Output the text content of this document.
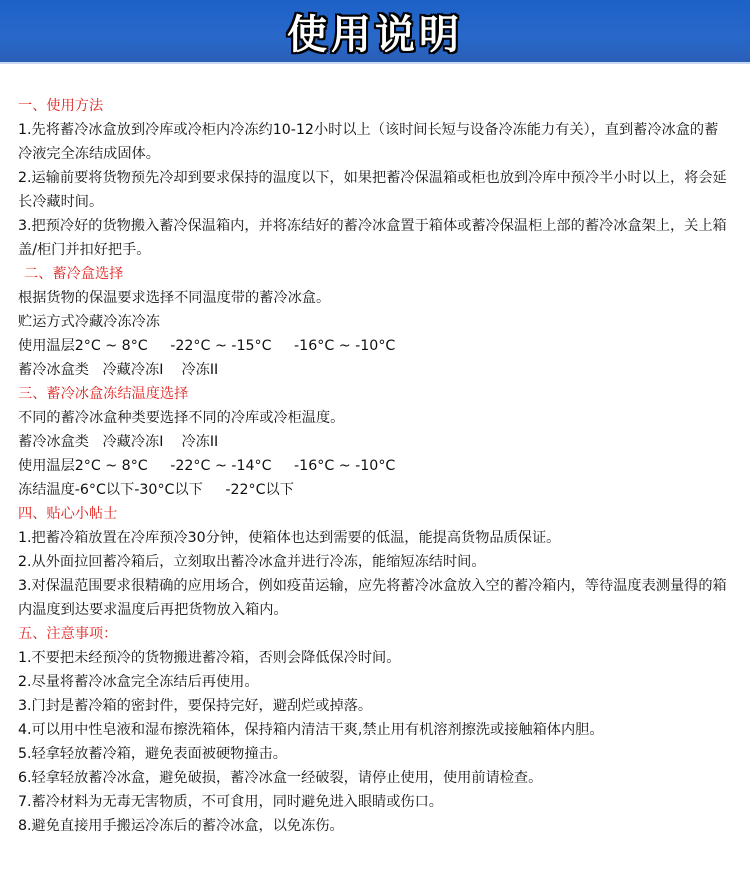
使用说明
一、使用方法
1.先将蓄冷冰盒放到冷库或冷柜内冷冻约10-12小时以上（该时间长短与设备冷冻能力有关），直到蓄冷冰盒的蓄冷液完全冻结成固体。
2.运输前要将货物预先冷却到要求保持的温度以下，如果把蓄冷保温箱或柜也放到冷库中预冷半小时以上，将会延长冷藏时间。
3.把预冷好的货物搬入蓄冷保温箱内，并将冻结好的蓄冷冰盒置于箱体或蓄冷保温柜上部的蓄冷冰盒架上，关上箱盖/柜门并扣好把手。
二、蓄冷盒选择
根据货物的保温要求选择不同温度带的蓄冷冰盒。
贮运方式冷藏冷冻冷冻
使用温层2°C ~ 8°C     -22°C ~ -15°C     -16°C ~ -10°C
蓄冷冰盒类   冷藏冷冻I    冷冻II
三、蓄冷冰盒冻结温度选择
不同的蓄冷冰盒种类要选择不同的冷库或冷柜温度。
蓄冷冰盒类   冷藏冷冻I    冷冻II
使用温层2°C ~ 8°C     -22°C ~ -14°C     -16°C ~ -10°C
冻结温度-6°C以下-30°C以下     -22°C以下
四、贴心小帖士
1.把蓄冷箱放置在冷库预冷30分钟，使箱体也达到需要的低温，能提高货物品质保证。
2.从外面拉回蓄冷箱后，立刻取出蓄冷冰盒并进行冷冻，能缩短冻结时间。
3.对保温范围要求很精确的应用场合，例如疫苗运输，应先将蓄冷冰盒放入空的蓄冷箱内，等待温度表测量得的箱内温度到达要求温度后再把货物放入箱内。
五、注意事项：
1.不要把未经预冷的货物搬进蓄冷箱，否则会降低保冷时间。
2.尽量将蓄冷冰盒完全冻结后再使用。
3.门封是蓄冷箱的密封件，要保持完好，避刮烂或掉落。
4.可以用中性皂液和湿布擦洗箱体，保持箱内清洁干爽,禁止用有机溶剂擦洗或接触箱体内胆。
5.轻拿轻放蓄冷箱，避免表面被硬物撞击。
6.轻拿轻放蓄冷冰盒，避免破损，蓄冷冰盒一经破裂，请停止使用，使用前请检查。
7.蓄冷材料为无毒无害物质，不可食用，同时避免进入眼睛或伤口。
8.避免直接用手搬运冷冻后的蓄冷冰盒，以免冻伤。
